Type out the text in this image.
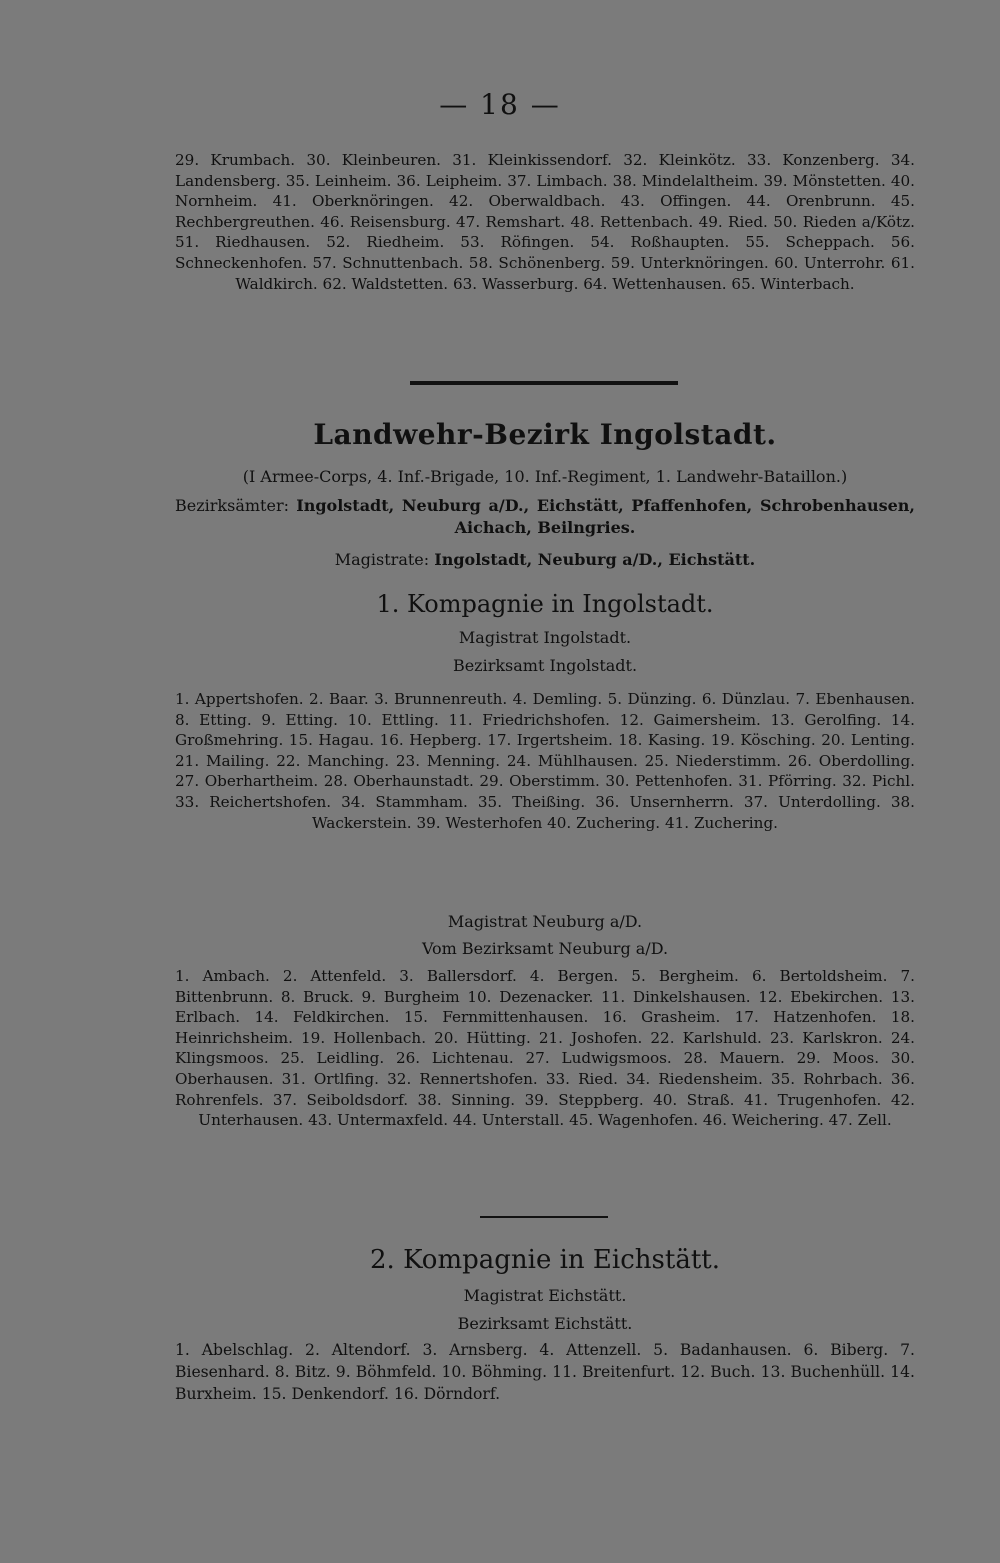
— 18 —
29. Krumbach. 30. Kleinbeuren. 31. Kleinkissendorf. 32. Kleinkötz. 33. Konzenberg. 34. Landensberg. 35. Leinheim. 36. Leipheim. 37. Limbach. 38. Mindelaltheim. 39. Mönstetten. 40. Nornheim. 41. Oberknöringen. 42. Oberwaldbach. 43. Offingen. 44. Orenbrunn. 45. Rechbergreuthen. 46. Reisensburg. 47. Remshart. 48. Rettenbach. 49. Ried. 50. Rieden a/Kötz. 51. Riedhausen. 52. Riedheim. 53. Röfingen. 54. Roßhaupten. 55. Scheppach. 56. Schneckenhofen. 57. Schnuttenbach. 58. Schönenberg. 59. Unterknöringen. 60. Unterrohr. 61. Waldkirch. 62. Waldstetten. 63. Wasserburg. 64. Wettenhausen. 65. Winterbach.
Landwehr-Bezirk Ingolstadt.
(I Armee-Corps, 4. Inf.-Brigade, 10. Inf.-Regiment, 1. Landwehr-Bataillon.)
Bezirksämter: Ingolstadt, Neuburg a/D., Eichstätt, Pfaffenhofen, Schrobenhausen, Aichach, Beilngries.
Magistrate: Ingolstadt, Neuburg a/D., Eichstätt.
1. Kompagnie in Ingolstadt.
Magistrat Ingolstadt.
Bezirksamt Ingolstadt.
1. Appertshofen. 2. Baar. 3. Brunnenreuth. 4. Demling. 5. Dünzing. 6. Dünzlau. 7. Ebenhausen. 8. Etting. 9. Etting. 10. Ettling. 11. Friedrichshofen. 12. Gaimersheim. 13. Gerolfing. 14. Großmehring. 15. Hagau. 16. Hepberg. 17. Irgertsheim. 18. Kasing. 19. Kösching. 20. Lenting. 21. Mailing. 22. Manching. 23. Menning. 24. Mühlhausen. 25. Niederstimm. 26. Oberdolling. 27. Oberhartheim. 28. Oberhaunstadt. 29. Oberstimm. 30. Pettenhofen. 31. Pförring. 32. Pichl. 33. Reichertshofen. 34. Stammham. 35. Theißing. 36. Unsernherrn. 37. Unterdolling. 38. Wackerstein. 39. Westerhofen 40. Zuchering. 41. Zuchering.
Magistrat Neuburg a/D.
Vom Bezirksamt Neuburg a/D.
1. Ambach. 2. Attenfeld. 3. Ballersdorf. 4. Bergen. 5. Bergheim. 6. Bertoldsheim. 7. Bittenbrunn. 8. Bruck. 9. Burgheim 10. Dezenacker. 11. Dinkelshausen. 12. Ebekirchen. 13. Erlbach. 14. Feldkirchen. 15. Fernmittenhausen. 16. Grasheim. 17. Hatzenhofen. 18. Heinrichsheim. 19. Hollenbach. 20. Hütting. 21. Joshofen. 22. Karlshuld. 23. Karlskron. 24. Klingsmoos. 25. Leidling. 26. Lichtenau. 27. Ludwigsmoos. 28. Mauern. 29. Moos. 30. Oberhausen. 31. Ortlfing. 32. Rennertshofen. 33. Ried. 34. Riedensheim. 35. Rohrbach. 36. Rohrenfels. 37. Seiboldsdorf. 38. Sinning. 39. Steppberg. 40. Straß. 41. Trugenhofen. 42. Unterhausen. 43. Untermaxfeld. 44. Unterstall. 45. Wagenhofen. 46. Weichering. 47. Zell.
2. Kompagnie in Eichstätt.
Magistrat Eichstätt.
Bezirksamt Eichstätt.
1. Abelschlag. 2. Altendorf. 3. Arnsberg. 4. Attenzell. 5. Badanhausen. 6. Biberg. 7. Biesenhard. 8. Bitz. 9. Böhmfeld. 10. Böhming. 11. Breitenfurt. 12. Buch. 13. Buchenhüll. 14. Burxheim. 15. Denkendorf. 16. Dörndorf.
